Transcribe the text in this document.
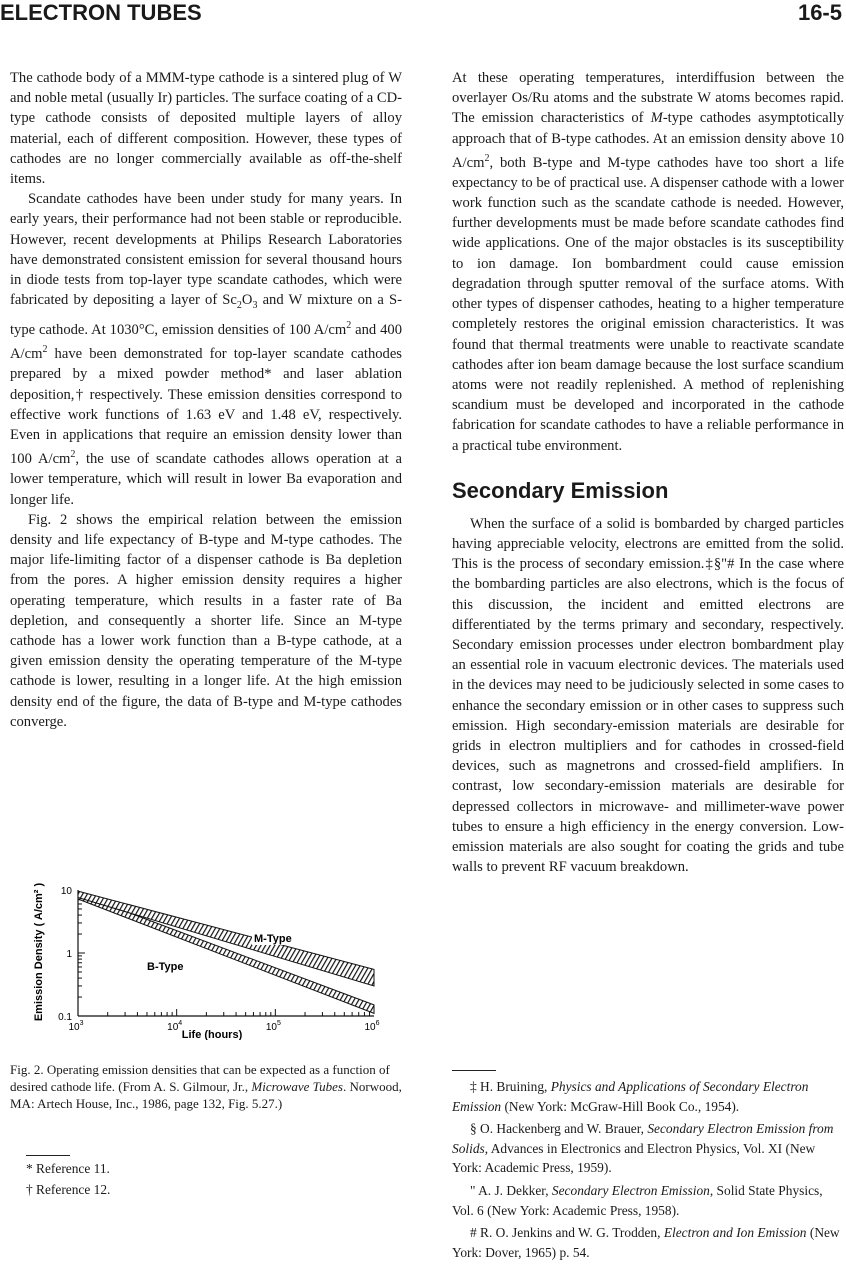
ELECTRON TUBES	16-5

The cathode body of a MMM-type cathode is a sintered plug of W and noble metal (usually Ir) particles. The surface coating of a CD-type cathode consists of deposited multiple layers of alloy material, each of different composition. However, these types of cathodes are no longer commercially available as off-the-shelf items.

Scandate cathodes have been under study for many years. In early years, their performance had not been stable or reproducible. However, recent developments at Philips Research Laboratories have demonstrated consistent emission for several thousand hours in diode tests from top-layer type scandate cathodes, which were fabricated by depositing a layer of $Sc_2O_3$ and W mixture on a S-type cathode. At 1030°C, emission densities of 100 $A/cm^2$ and 400 $A/cm^2$ have been demonstrated for top-layer scandate cathodes prepared by a mixed powder method* and laser ablation deposition,† respectively. These emission densities correspond to effective work functions of 1.63 eV and 1.48 eV, respectively. Even in applications that require an emission density lower than 100 $A/cm^2$, the use of scandate cathodes allows operation at a lower temperature, which will result in lower Ba evaporation and longer life.

Fig. 2 shows the empirical relation between the emission density and life expectancy of B-type and M-type cathodes. The major life-limiting factor of a dispenser cathode is Ba depletion from the pores. A higher emission density requires a higher operating temperature, which results in a faster rate of Ba depletion, and consequently a shorter life. Since an M-type cathode has a lower work function than a B-type cathode, at a given emission density the operating temperature of the M-type cathode is lower, resulting in a longer life. At the high emission density end of the figure, the data of B-type and M-type cathodes converge.

10
1
0.1
$10^3$	$10^4$	$10^5$	$10^6$
B-Type
M-Type
Emission Density ( A/cm² )
Life (hours)
Fig. 2. Operating emission densities that can be expected as a function of desired cathode life. (From A. S. Gilmour, Jr., Microwave Tubes. Norwood, MA: Artech House, Inc., 1986, page 132, Fig. 5.27.)

* Reference 11.

† Reference 12.

At these operating temperatures, interdiffusion between the overlayer Os/Ru atoms and the substrate W atoms becomes rapid. The emission characteristics of M-type cathodes asymptotically approach that of B-type cathodes. At an emission density above 10 $A/cm^2$, both B-type and M-type cathodes have too short a life expectancy to be of practical use. A dispenser cathode with a lower work function such as the scandate cathode is needed. However, further developments must be made before scandate cathodes find wide applications. One of the major obstacles is its susceptibility to ion damage. Ion bombardment could cause emission degradation through sputter removal of the surface atoms. With other types of dispenser cathodes, heating to a higher temperature completely restores the original emission characteristics. It was found that thermal treatments were unable to reactivate scandate cathodes after ion beam damage because the lost surface scandium atoms were not readily replenished. A method of replenishing scandium must be developed and incorporated in the cathode fabrication for scandate cathodes to have a reliable performance in a practical tube environment.

Secondary Emission

When the surface of a solid is bombarded by charged particles having appreciable velocity, electrons are emitted from the solid. This is the process of secondary emission.‡§"# In the case where the bombarding particles are also electrons, which is the focus of this discussion, the incident and emitted electrons are differentiated by the terms primary and secondary, respectively. Secondary emission processes under electron bombardment play an essential role in vacuum electronic devices. The materials used in the devices may need to be judiciously selected in some cases to enhance the secondary emission or in other cases to suppress such emission. High secondary-emission materials are desirable for grids in electron multipliers and for cathodes in crossed-field devices, such as magnetrons and crossed-field amplifiers. In contrast, low secondary-emission materials are desirable for depressed collectors in microwave- and millimeter-wave power tubes to ensure a high efficiency in the energy conversion. Low-emission materials are also sought for coating the grids and tube walls to prevent RF vacuum breakdown.

‡ H. Bruining, Physics and Applications of Secondary Electron Emission (New York: McGraw-Hill Book Co., 1954).

§ O. Hackenberg and W. Brauer, Secondary Electron Emission from Solids, Advances in Electronics and Electron Physics, Vol. XI (New York: Academic Press, 1959).

" A. J. Dekker, Secondary Electron Emission, Solid State Physics, Vol. 6 (New York: Academic Press, 1958).

# R. O. Jenkins and W. G. Trodden, Electron and Ion Emission (New York: Dover, 1965) p. 54.
